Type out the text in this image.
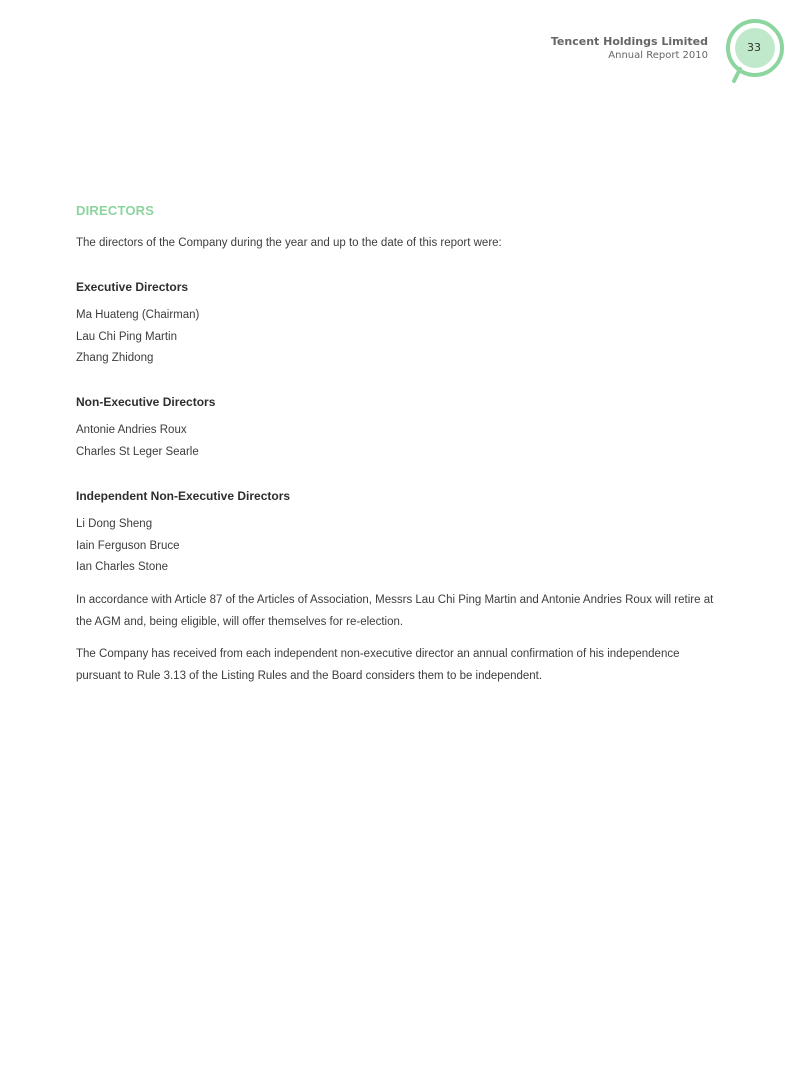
Tencent Holdings Limited
Annual Report 2010
33
DIRECTORS
The directors of the Company during the year and up to the date of this report were:
Executive Directors
Ma Huateng (Chairman)
Lau Chi Ping Martin
Zhang Zhidong
Non-Executive Directors
Antonie Andries Roux
Charles St Leger Searle
Independent Non-Executive Directors
Li Dong Sheng
Iain Ferguson Bruce
Ian Charles Stone
In accordance with Article 87 of the Articles of Association, Messrs Lau Chi Ping Martin and Antonie Andries Roux will retire at the AGM and, being eligible, will offer themselves for re-election.
The Company has received from each independent non-executive director an annual confirmation of his independence pursuant to Rule 3.13 of the Listing Rules and the Board considers them to be independent.
